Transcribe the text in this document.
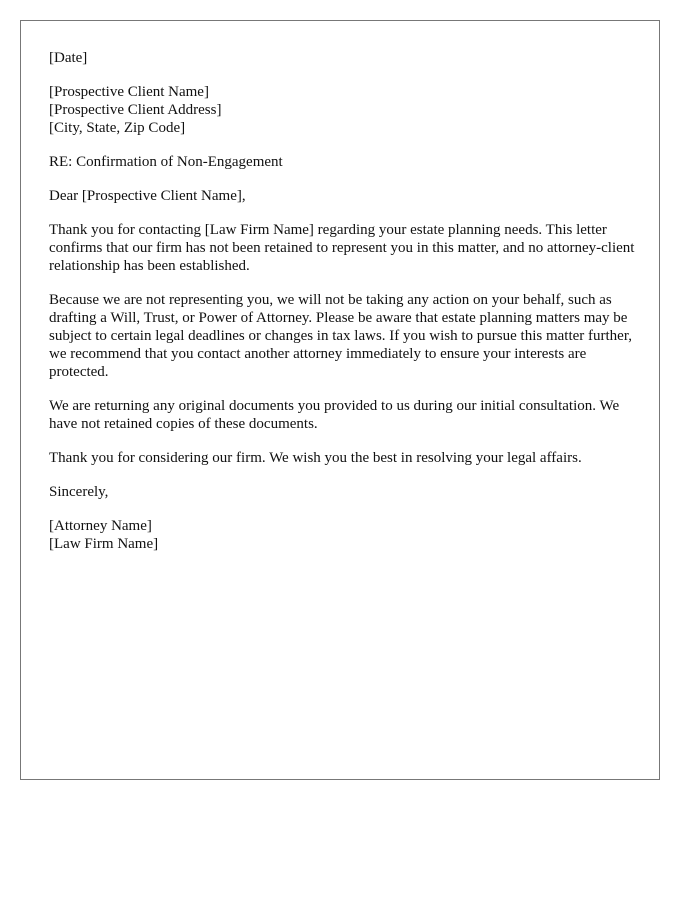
[Date]
[Prospective Client Name]
[Prospective Client Address]
[City, State, Zip Code]
RE: Confirmation of Non-Engagement
Dear [Prospective Client Name],

Thank you for contacting [Law Firm Name] regarding your estate planning needs. This letter confirms that our firm has not been retained to represent you in this matter, and no attorney-client relationship has been established.

Because we are not representing you, we will not be taking any action on your behalf, such as drafting a Will, Trust, or Power of Attorney. Please be aware that estate planning matters may be subject to certain legal deadlines or changes in tax laws. If you wish to pursue this matter further, we recommend that you contact another attorney immediately to ensure your interests are protected.

We are returning any original documents you provided to us during our initial consultation. We have not retained copies of these documents.

Thank you for considering our firm. We wish you the best in resolving your legal affairs.

Sincerely,
[Attorney Name]
[Law Firm Name]
